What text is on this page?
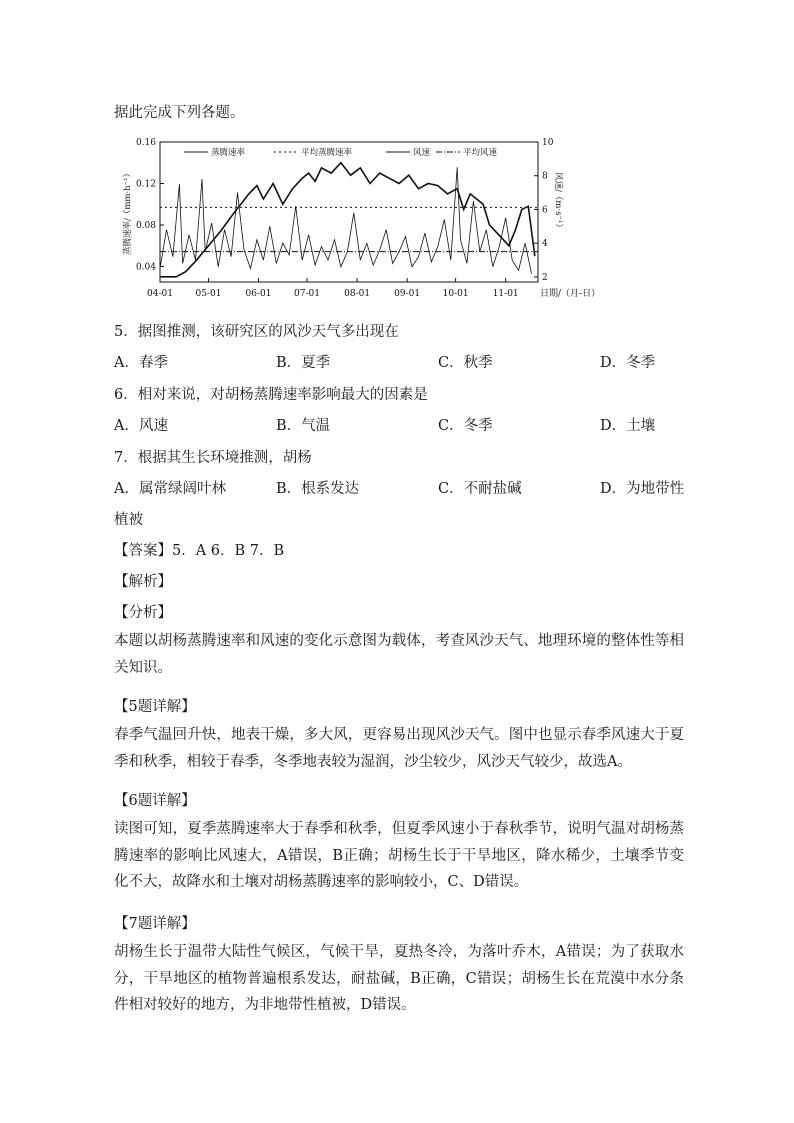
据此完成下列各题。
0.04
0.08
0.12
0.16
2
4
6
8
10
04-01	05-01	06-01	07-01	08-01	09-01	10-01	11-01 日期/（月-日）
蒸腾速率/（mm·h⁻¹）	风速/（m·s⁻¹）
蒸腾速率	平均蒸腾速率	风速	平均风速
5．据图推测，该研究区的风沙天气多出现在
A．春季	B．夏季	C．秋季	D．冬季
6．相对来说，对胡杨蒸腾速率影响最大的因素是
A．风速	B．气温	C．冬季	D．土壤
7．根据其生长环境推测，胡杨
A．属常绿阔叶林	B．根系发达	C．不耐盐碱	D．为地带性
植被
【答案】5．A 6．B 7．B
【解析】
【分析】
本题以胡杨蒸腾速率和风速的变化示意图为载体，考查风沙天气、地理环境的整体性等相关知识。
【5题详解】
春季气温回升快，地表干燥，多大风，更容易出现风沙天气。图中也显示春季风速大于夏季和秋季，相较于春季，冬季地表较为湿润，沙尘较少，风沙天气较少，故选A。
【6题详解】
读图可知，夏季蒸腾速率大于春季和秋季，但夏季风速小于春秋季节，说明气温对胡杨蒸腾速率的影响比风速大，A错误，B正确；胡杨生长于干旱地区，降水稀少，土壤季节变化不大，故降水和土壤对胡杨蒸腾速率的影响较小，C、D错误。
【7题详解】
胡杨生长于温带大陆性气候区，气候干旱，夏热冬冷，为落叶乔木，A错误；为了获取水分，干旱地区的植物普遍根系发达，耐盐碱，B正确，C错误；胡杨生长在荒漠中水分条件相对较好的地方，为非地带性植被，D错误。
